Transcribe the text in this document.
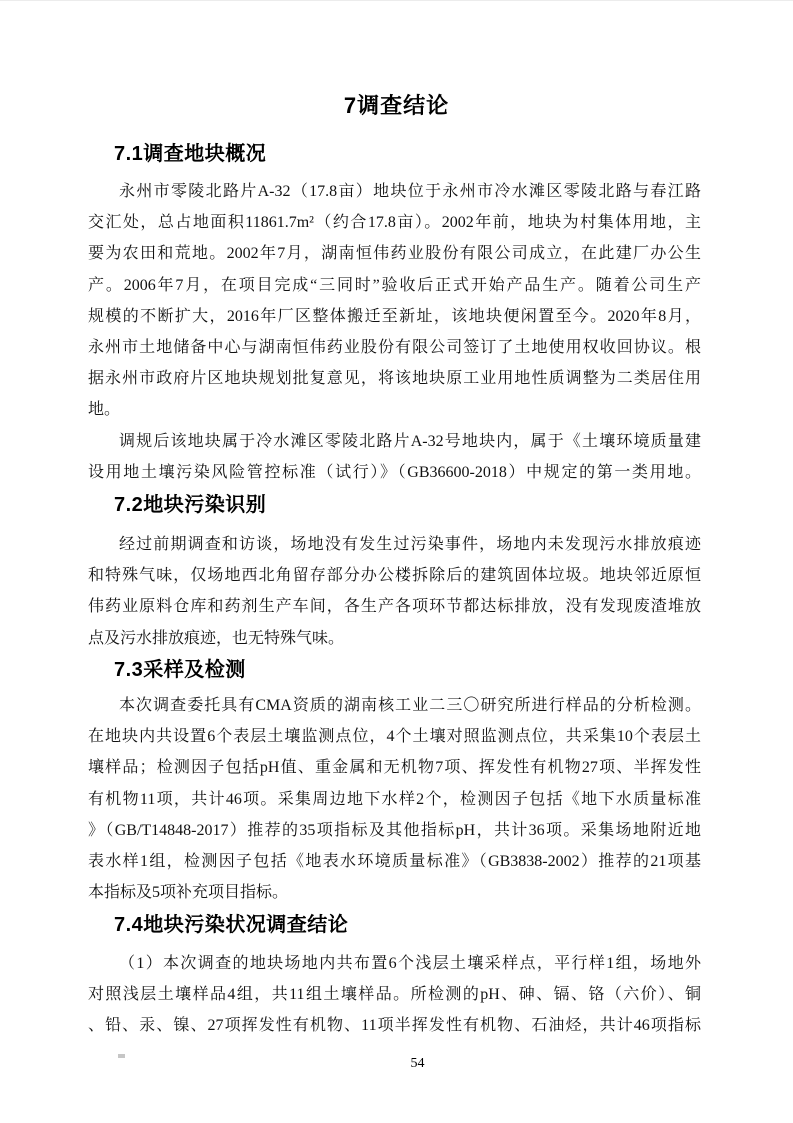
7调查结论
7.1调查地块概况
永州市零陵北路片A-32（17.8亩）地块位于永州市冷水滩区零陵北路与春江路
交汇处，总占地面积11861.7m²（约合17.8亩）。2002年前，地块为村集体用地，主
要为农田和荒地。2002年7月，湖南恒伟药业股份有限公司成立，在此建厂办公生
产。2006年7月，在项目完成“三同时”验收后正式开始产品生产。随着公司生产
规模的不断扩大，2016年厂区整体搬迁至新址，该地块便闲置至今。2020年8月，
永州市土地储备中心与湖南恒伟药业股份有限公司签订了土地使用权收回协议。根
据永州市政府片区地块规划批复意见，将该地块原工业用地性质调整为二类居住用
地。
调规后该地块属于冷水滩区零陵北路片A-32号地块内，属于《土壤环境质量建
设用地土壤污染风险管控标准（试行）》（GB36600-2018）中规定的第一类用地。
7.2地块污染识别
经过前期调查和访谈，场地没有发生过污染事件，场地内未发现污水排放痕迹
和特殊气味，仅场地西北角留存部分办公楼拆除后的建筑固体垃圾。地块邻近原恒
伟药业原料仓库和药剂生产车间，各生产各项环节都达标排放，没有发现废渣堆放
点及污水排放痕迹，也无特殊气味。
7.3采样及检测
本次调查委托具有CMA资质的湖南核工业二三〇研究所进行样品的分析检测。
在地块内共设置6个表层土壤监测点位，4个土壤对照监测点位，共采集10个表层土
壤样品；检测因子包括pH值、重金属和无机物7项、挥发性有机物27项、半挥发性
有机物11项，共计46项。采集周边地下水样2个，检测因子包括《地下水质量标准
》（GB/T14848-2017）推荐的35项指标及其他指标pH，共计36项。采集场地附近地
表水样1组，检测因子包括《地表水环境质量标准》（GB3838-2002）推荐的21项基
本指标及5项补充项目指标。
7.4地块污染状况调查结论
（1）本次调查的地块场地内共布置6个浅层土壤采样点，平行样1组，场地外
对照浅层土壤样品4组，共11组土壤样品。所检测的pH、砷、镉、铬（六价）、铜
、铅、汞、镍、27项挥发性有机物、11项半挥发性有机物、石油烃，共计46项指标
54
